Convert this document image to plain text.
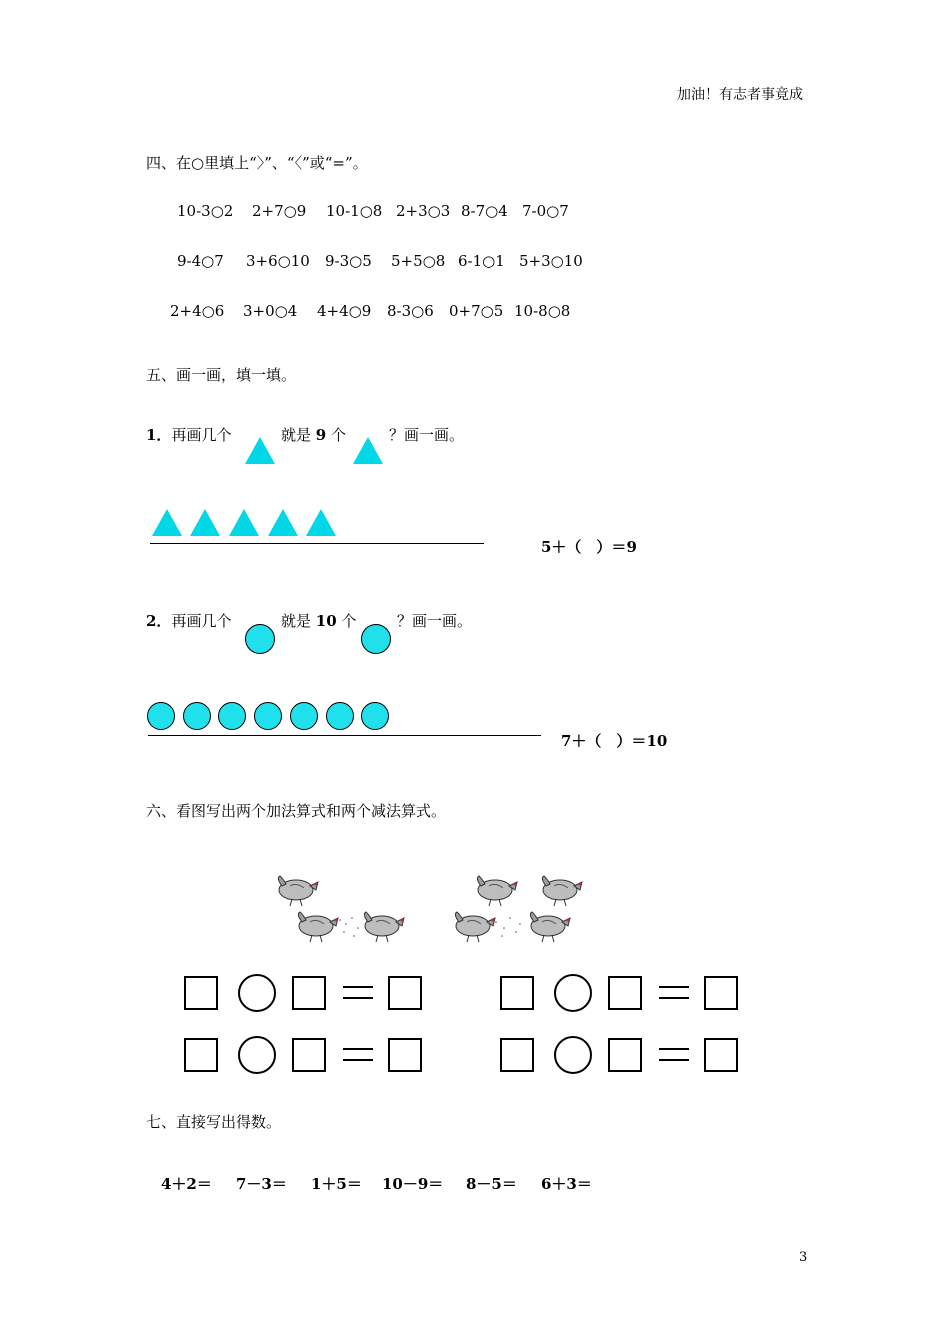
加油！有志者事竟成
四、在○里填上“〉”、“〈”或“=”。
10-3○2 2+7○9 10-1○8 2+3○3 8-7○4 7-0○7
9-4○7 3+6○10 9-3○5 5+5○8 6-1○1 5+3○10
2+4○6 3+0○4 4+4○9 8-3○6 0+7○5 10-8○8
五、画一画，填一填。
1．再画几个	就是 9 个	？画一画。
5＋（　）＝9
2．再画几个	就是 10 个	？画一画。
7＋（　）＝10
六、看图写出两个加法算式和两个减法算式。
七、直接写出得数。
4＋2＝ 7－3＝ 1＋5＝ 10－9＝ 8－5＝ 6＋3＝
3
